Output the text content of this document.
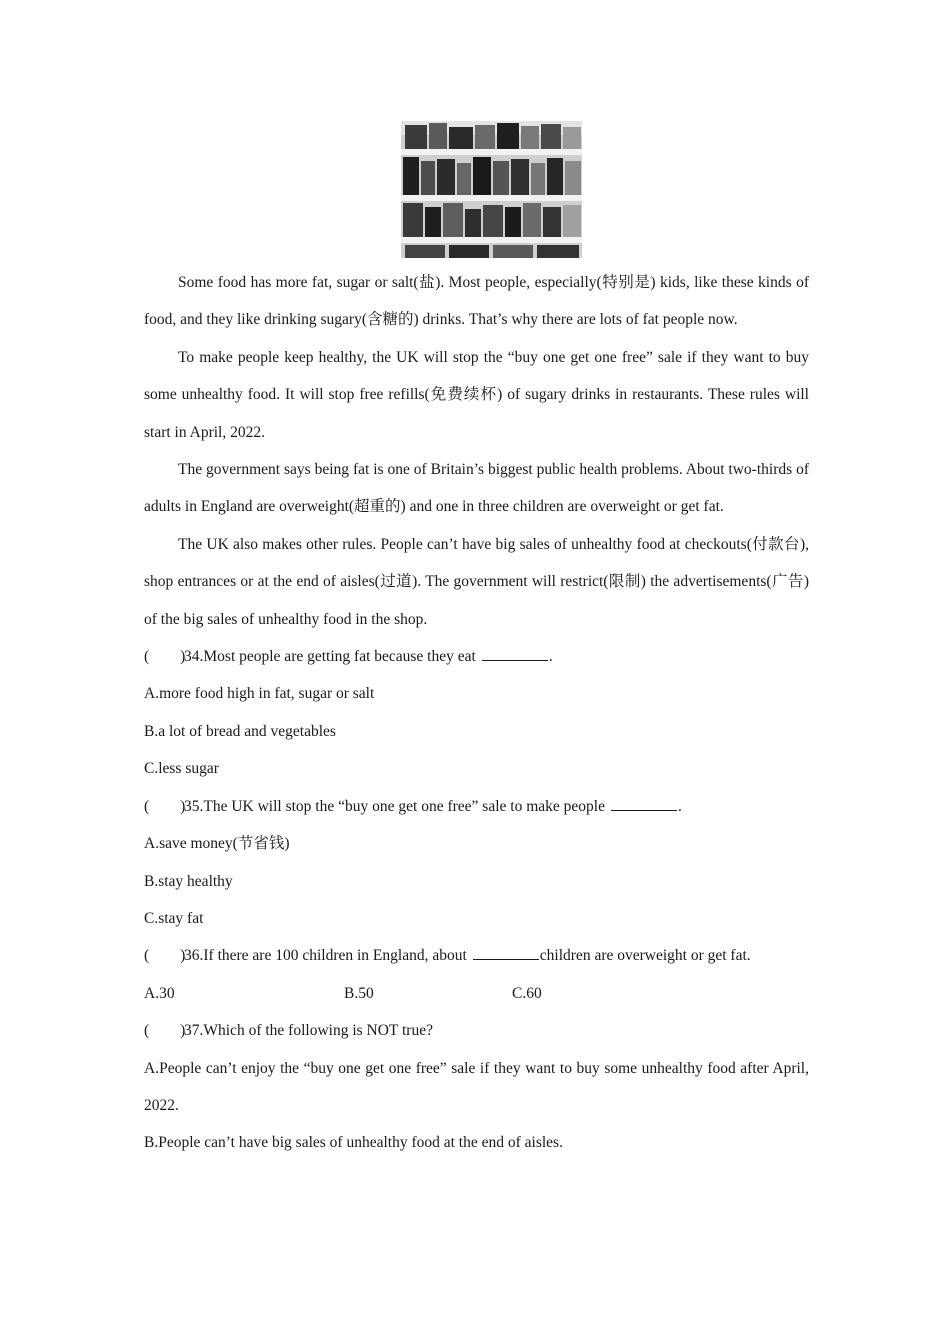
Some food has more fat, sugar or salt(盐). Most people, especially(特别是) kids, like these kinds of food, and they like drinking sugary(含糖的) drinks. That’s why there are lots of fat people now.

To make people keep healthy, the UK will stop the “buy one get one free” sale if they want to buy some unhealthy food. It will stop free refills(免费续杯) of sugary drinks in restaurants. These rules will start in April, 2022.

The government says being fat is one of Britain’s biggest public health problems. About two-thirds of adults in England are overweight(超重的) and one in three children are overweight or get fat.

The UK also makes other rules. People can’t have big sales of unhealthy food at checkouts(付款台), shop entrances or at the end of aisles(过道). The government will restrict(限制) the advertisements(广告) of the big sales of unhealthy food in the shop.

(　　)34.Most people are getting fat because they eat	.

A.more food high in fat, sugar or salt

B.a lot of bread and vegetables

C.less sugar

(　　)35.The UK will stop the “buy one get one free” sale to make people	.

A.save money(节省钱)

B.stay healthy

C.stay fat

(　　)36.If there are 100 children in England, about	children are overweight or get fat.

A.30	B.50	C.60

(　　)37.Which of the following is NOT true?

A.People can’t enjoy the “buy one get one free” sale if they want to buy some unhealthy food after April, 2022.

B.People can’t have big sales of unhealthy food at the end of aisles.
